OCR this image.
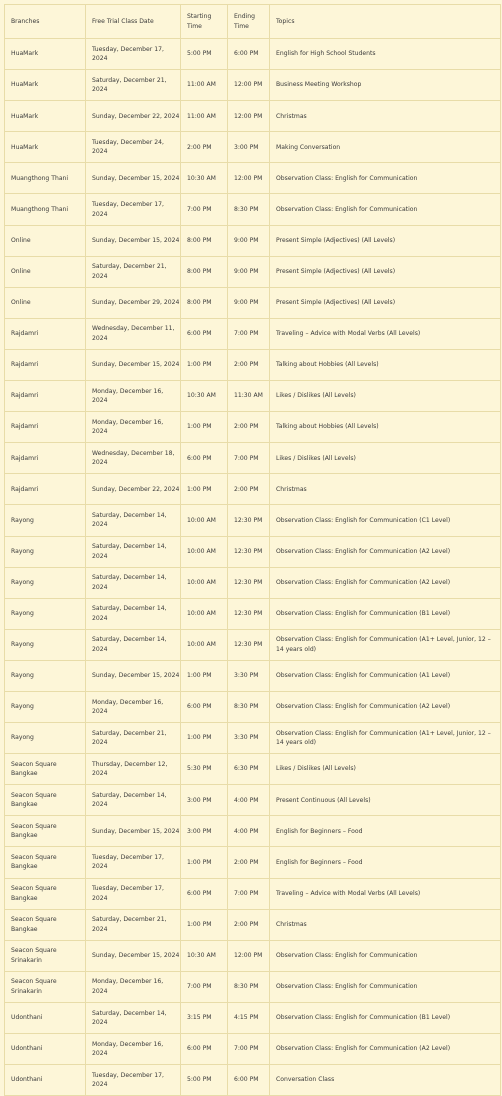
Branches	Free Trial Class Date	Starting Time	Ending Time	Topics
HuaMark	Tuesday, December 17, 2024	5:00 PM	6:00 PM	English for High School Students
HuaMark	Saturday, December 21, 2024	11:00 AM	12:00 PM	Business Meeting Workshop
HuaMark	Sunday, December 22, 2024	11:00 AM	12:00 PM	Christmas
HuaMark	Tuesday, December 24, 2024	2:00 PM	3:00 PM	Making Conversation
Muangthong Thani	Sunday, December 15, 2024	10:30 AM	12:00 PM	Observation Class: English for Communication
Muangthong Thani	Tuesday, December 17, 2024	7:00 PM	8:30 PM	Observation Class: English for Communication
Online	Sunday, December 15, 2024	8:00 PM	9:00 PM	Present Simple (Adjectives) (All Levels)
Online	Saturday, December 21, 2024	8:00 PM	9:00 PM	Present Simple (Adjectives) (All Levels)
Online	Sunday, December 29, 2024	8:00 PM	9:00 PM	Present Simple (Adjectives) (All Levels)
Rajdamri	Wednesday, December 11, 2024	6:00 PM	7:00 PM	Traveling – Advice with Modal Verbs (All Levels)
Rajdamri	Sunday, December 15, 2024	1:00 PM	2:00 PM	Talking about Hobbies (All Levels)
Rajdamri	Monday, December 16, 2024	10:30 AM	11:30 AM	Likes / Dislikes (All Levels)
Rajdamri	Monday, December 16, 2024	1:00 PM	2:00 PM	Talking about Hobbies (All Levels)
Rajdamri	Wednesday, December 18, 2024	6:00 PM	7:00 PM	Likes / Dislikes (All Levels)
Rajdamri	Sunday, December 22, 2024	1:00 PM	2:00 PM	Christmas
Rayong	Saturday, December 14, 2024	10:00 AM	12:30 PM	Observation Class: English for Communication (C1 Level)
Rayong	Saturday, December 14, 2024	10:00 AM	12:30 PM	Observation Class: English for Communication (A2 Level)
Rayong	Saturday, December 14, 2024	10:00 AM	12:30 PM	Observation Class: English for Communication (A2 Level)
Rayong	Saturday, December 14, 2024	10:00 AM	12:30 PM	Observation Class: English for Communication (B1 Level)
Rayong	Saturday, December 14, 2024	10:00 AM	12:30 PM	Observation Class: English for Communication (A1+ Level, Junior, 12 – 14 years old)
Rayong	Sunday, December 15, 2024	1:00 PM	3:30 PM	Observation Class: English for Communication (A1 Level)
Rayong	Monday, December 16, 2024	6:00 PM	8:30 PM	Observation Class: English for Communication (A2 Level)
Rayong	Saturday, December 21, 2024	1:00 PM	3:30 PM	Observation Class: English for Communication (A1+ Level, Junior, 12 – 14 years old)
Seacon Square Bangkae	Thursday, December 12, 2024	5:30 PM	6:30 PM	Likes / Dislikes (All Levels)
Seacon Square Bangkae	Saturday, December 14, 2024	3:00 PM	4:00 PM	Present Continuous (All Levels)
Seacon Square Bangkae	Sunday, December 15, 2024	3:00 PM	4:00 PM	English for Beginners – Food
Seacon Square Bangkae	Tuesday, December 17, 2024	1:00 PM	2:00 PM	English for Beginners – Food
Seacon Square Bangkae	Tuesday, December 17, 2024	6:00 PM	7:00 PM	Traveling – Advice with Modal Verbs (All Levels)
Seacon Square Bangkae	Saturday, December 21, 2024	1:00 PM	2:00 PM	Christmas
Seacon Square Srinakarin	Sunday, December 15, 2024	10:30 AM	12:00 PM	Observation Class: English for Communication
Seacon Square Srinakarin	Monday, December 16, 2024	7:00 PM	8:30 PM	Observation Class: English for Communication
Udonthani	Saturday, December 14, 2024	3:15 PM	4:15 PM	Observation Class: English for Communication (B1 Level)
Udonthani	Monday, December 16, 2024	6:00 PM	7:00 PM	Observation Class: English for Communication (A2 Level)
Udonthani	Tuesday, December 17, 2024	5:00 PM	6:00 PM	Conversation Class
